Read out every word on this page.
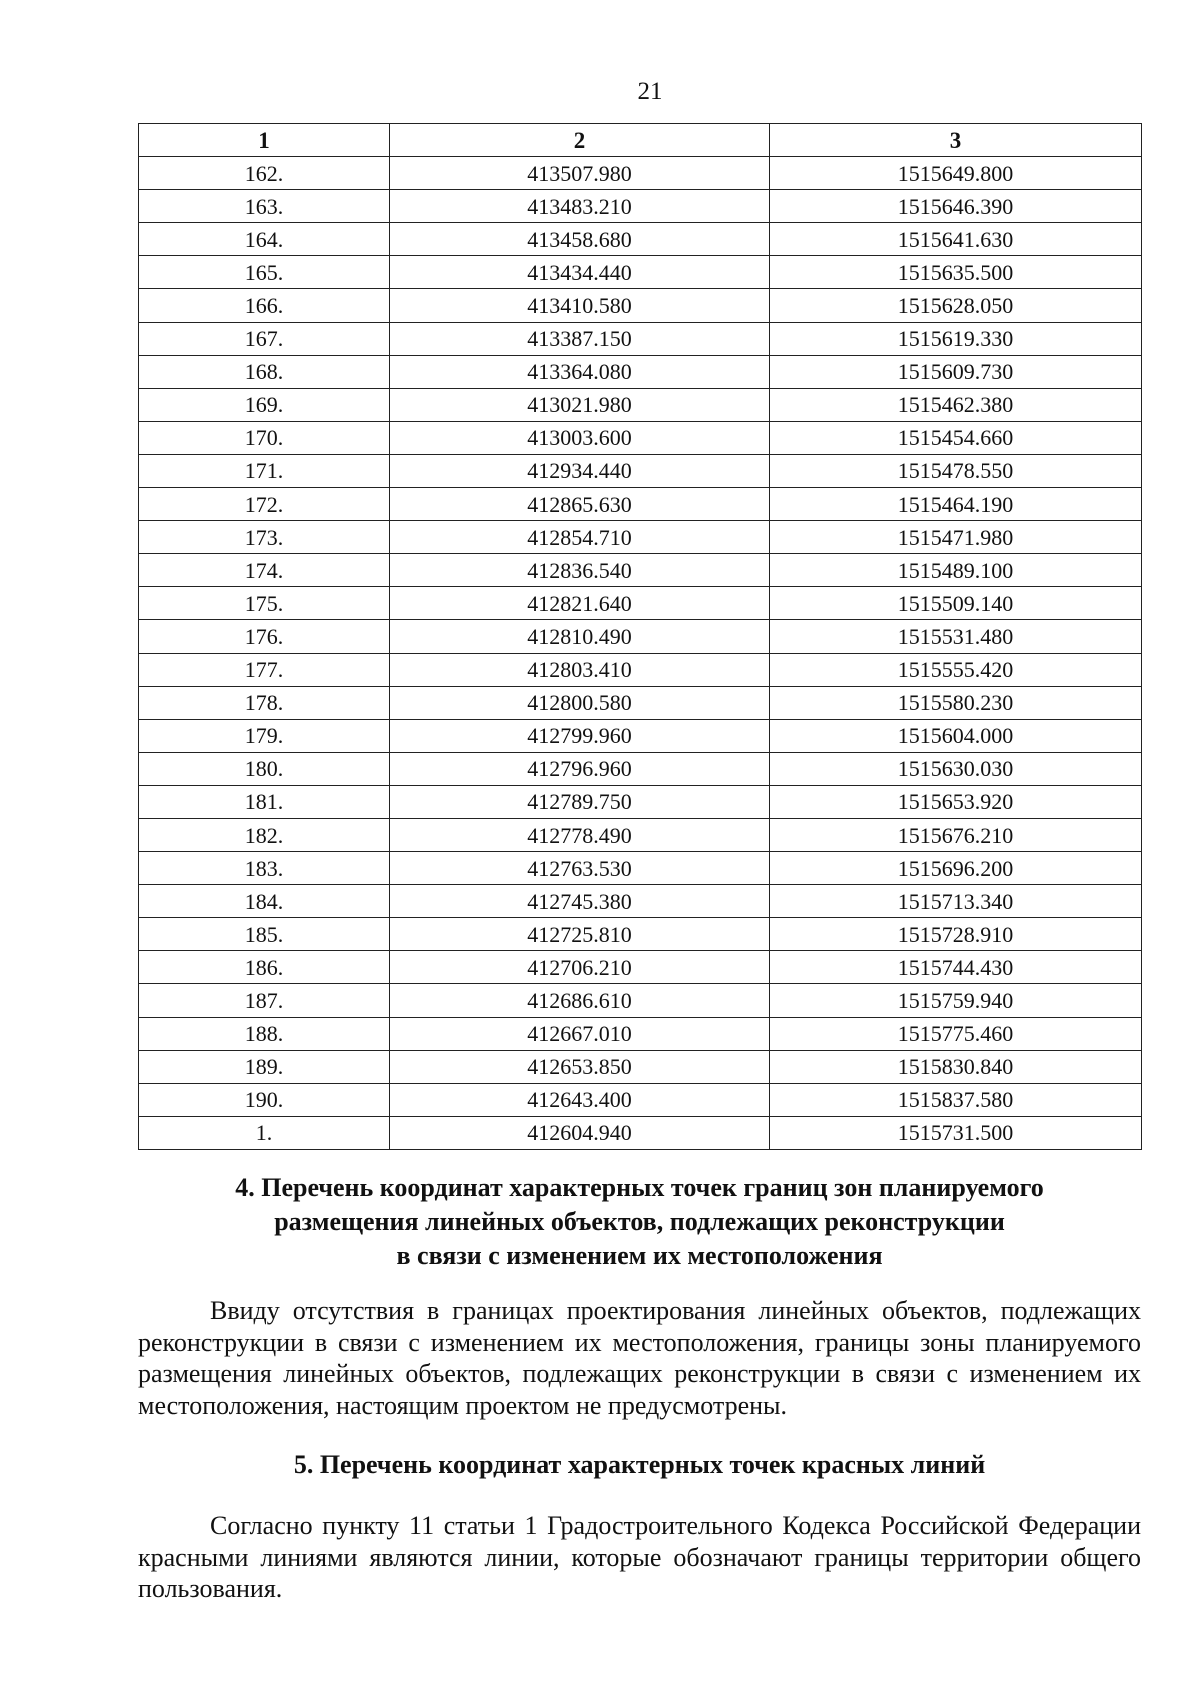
21
1	2	3
162.	413507.980	1515649.800
163.	413483.210	1515646.390
164.	413458.680	1515641.630
165.	413434.440	1515635.500
166.	413410.580	1515628.050
167.	413387.150	1515619.330
168.	413364.080	1515609.730
169.	413021.980	1515462.380
170.	413003.600	1515454.660
171.	412934.440	1515478.550
172.	412865.630	1515464.190
173.	412854.710	1515471.980
174.	412836.540	1515489.100
175.	412821.640	1515509.140
176.	412810.490	1515531.480
177.	412803.410	1515555.420
178.	412800.580	1515580.230
179.	412799.960	1515604.000
180.	412796.960	1515630.030
181.	412789.750	1515653.920
182.	412778.490	1515676.210
183.	412763.530	1515696.200
184.	412745.380	1515713.340
185.	412725.810	1515728.910
186.	412706.210	1515744.430
187.	412686.610	1515759.940
188.	412667.010	1515775.460
189.	412653.850	1515830.840
190.	412643.400	1515837.580
1.	412604.940	1515731.500
4. Перечень координат характерных точек границ зон планируемого
размещения линейных объектов, подлежащих реконструкции
в связи с изменением их местоположения

Ввиду отсутствия в границах проектирования линейных объектов, подлежащих реконструкции в связи с изменением их местоположения, границы зоны планируемого размещения линейных объектов, подлежащих реконструкции в связи с изменением их местоположения, настоящим проектом не предусмотрены.

5. Перечень координат характерных точек красных линий

Согласно пункту 11 статьи 1 Градостроительного Кодекса Российской Федерации красными линиями являются линии, которые обозначают границы территории общего пользования.
